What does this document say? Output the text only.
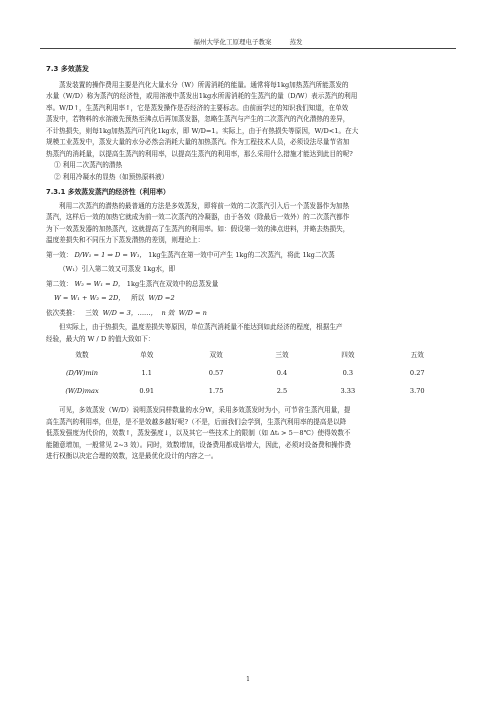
福州大学化工原理电子教案	蒸发
7.3 多效蒸发

蒸发装置的操作费用主要是汽化大量水分（W）所需消耗的能量。通常将每1kg加热蒸汽所能蒸发的

水量（W/D）称为蒸汽的经济性，或用溶液中蒸发出1kg水所需消耗的生蒸汽的量（D/W）表示蒸汽的利用

率。W/D↑，生蒸汽利用率↑，它是蒸发操作是否经济的主要标志。由前面学过的知识我们知道，在单效

蒸发中，若物料的水溶液先预热至沸点后再加蒸发器，忽略生蒸汽与产生的二次蒸汽的汽化潜热的差异，

不计热损失，则每1kg加热蒸汽可汽化1kg水，即 W/D=1。实际上，由于有热损失等原因，W/D<1。在大

规模工业蒸发中，蒸发大量的水分必然会消耗大量的加热蒸汽。作为工程技术人员，必须设法尽量节省加

热蒸汽的消耗量，以提高生蒸汽的利用率，以提高生蒸汽的利用率，那么采用什么措施才能达到此目的呢?

① 利用二次蒸汽的潜热
② 利用冷凝水的显热（如预热原料液）
7.3.1 多效蒸发蒸汽的经济性（利用率）

利用二次蒸汽的潜热的最普通的方法是多效蒸发，即将前一效的二次蒸汽引入后一个蒸发器作为加热

蒸汽，这样后一效的加热它就成为前一效二次蒸汽的冷凝器，由于各效（除最后一效外）的二次蒸汽都作

为下一效蒸发器的加热蒸汽，这就提高了生蒸汽的利用率。如：假设第一效的沸点进料，并略去热损失，

温度差损失和不同压力下蒸发潜热的差别，则理论上：

第一效： D/W₁ = 1 ⇒ D = W₁， 1kg生蒸汽在第一效中可产生 1kg的二次蒸汽，将此 1kg二次蒸

（W₁）引入第二效又可蒸发 1kg水，即

第二效： W₂ = W₁ = D， 1kg生蒸汽在双效中的总蒸发量
W = W₁ + W₂ = 2D， 所以 W/D =2
依次类推： 三效 W/D = 3，……， n 效 W/D = n

但实际上，由于热损失，温度差损失等原因，单位蒸汽消耗量不能达到如此经济的程度，根据生产

经验，最大的 W / D 的值大致如下：

效数	单效	双效	三效	四效	五效
(D/W)min	1.1	0.57	0.4	0.3	0.27
(W/D)max	0.91	1.75	2.5	3.33	3.70

可见，多效蒸发（W/D）说明蒸发同样数量的水分W，采用多效蒸发时为小，可节省生蒸汽用量，提

高生蒸汽的利用率，但是，是不是效越多越好呢?（不是，后面我们会学到，生蒸汽利用率的提高是以降

低蒸发强度为代价的，效数↑，蒸发强度↓，以及其它一些技术上的限制（如 Δtᵢ > 5－8℃）使得效数不

能随意增加，一般常见 2~3 效）。同时，效数增加，设备费用都成倍增大，因此，必须对设备费和操作费

进行权衡以决定合理的效数，这是最优化设计的内容之一。

1
